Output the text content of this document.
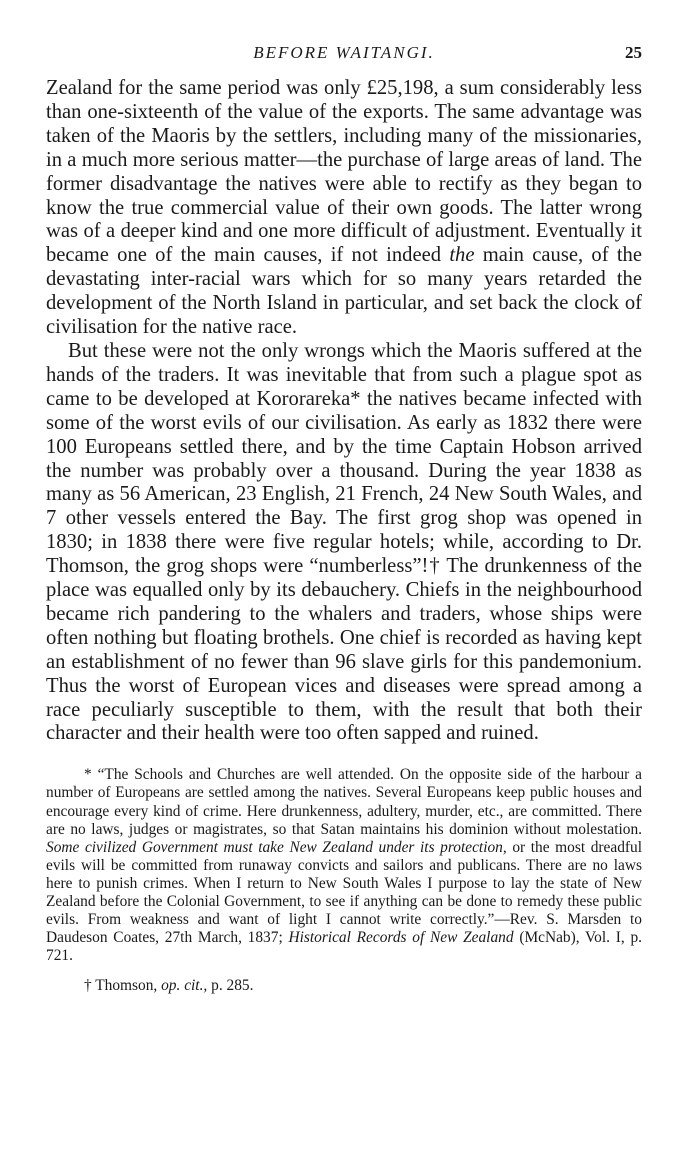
BEFORE WAITANGI.	25

Zealand for the same period was only £25,198, a sum considerably less than one-sixteenth of the value of the exports. The same advantage was taken of the Maoris by the settlers, including many of the missionaries, in a much more serious matter—the purchase of large areas of land. The former disadvantage the natives were able to rectify as they began to know the true commercial value of their own goods. The latter wrong was of a deeper kind and one more difficult of adjustment. Eventually it became one of the main causes, if not indeed the main cause, of the devastating inter-racial wars which for so many years retarded the development of the North Island in particular, and set back the clock of civilisation for the native race.

But these were not the only wrongs which the Maoris suffered at the hands of the traders. It was inevitable that from such a plague spot as came to be developed at Kororareka* the natives became infected with some of the worst evils of our civilisation. As early as 1832 there were 100 Europeans settled there, and by the time Captain Hobson arrived the number was probably over a thousand. During the year 1838 as many as 56 American, 23 English, 21 French, 24 New South Wales, and 7 other vessels entered the Bay. The first grog shop was opened in 1830; in 1838 there were five regular hotels; while, according to Dr. Thomson, the grog shops were “numberless”!† The drunkenness of the place was equalled only by its debauchery. Chiefs in the neighbourhood became rich pandering to the whalers and traders, whose ships were often nothing but floating brothels. One chief is recorded as having kept an establishment of no fewer than 96 slave girls for this pandemonium. Thus the worst of European vices and diseases were spread among a race peculiarly susceptible to them, with the result that both their character and their health were too often sapped and ruined.

* “The Schools and Churches are well attended. On the opposite side of the harbour a number of Europeans are settled among the natives. Several Europeans keep public houses and encourage every kind of crime. Here drunkenness, adultery, murder, etc., are committed. There are no laws, judges or magistrates, so that Satan maintains his dominion without molestation. Some civilized Government must take New Zealand under its protection, or the most dreadful evils will be committed from runaway convicts and sailors and publicans. There are no laws here to punish crimes. When I return to New South Wales I purpose to lay the state of New Zealand before the Colonial Government, to see if anything can be done to remedy these public evils. From weakness and want of light I cannot write correctly.”—Rev. S. Marsden to Daudeson Coates, 27th March, 1837; Historical Records of New Zealand (McNab), Vol. I, p. 721.

† Thomson, op. cit., p. 285.
